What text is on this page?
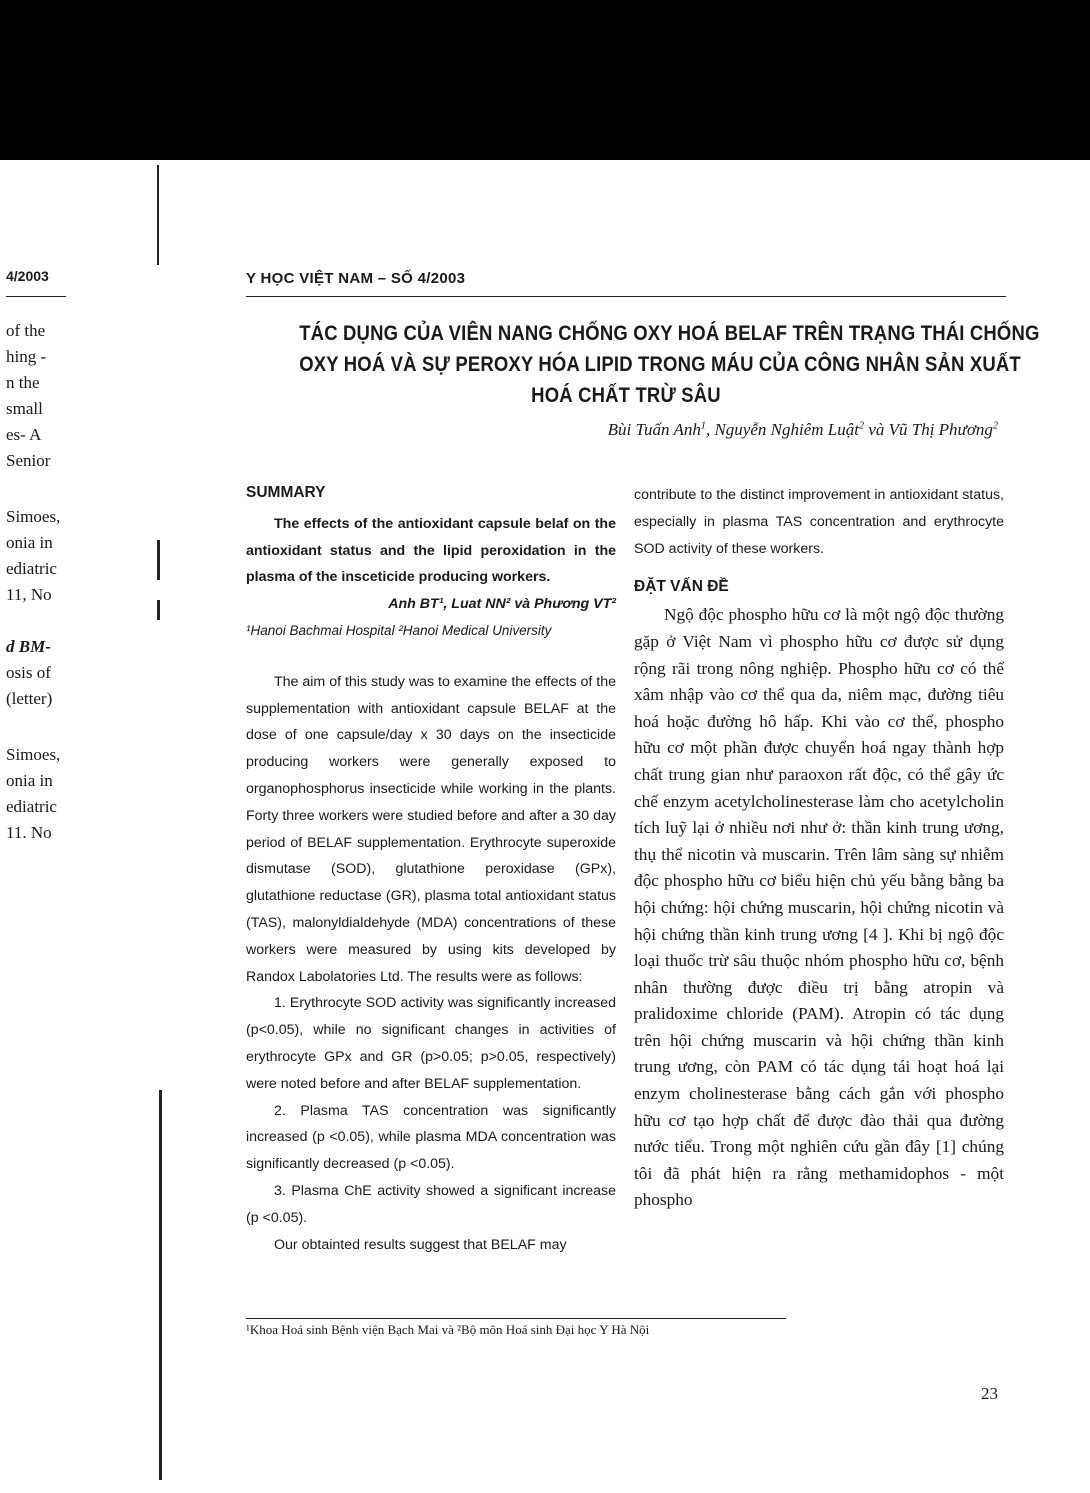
4/2003
of the
hing -
n the
small
es- A
Senior
Simoes,
onia in
ediatric
11, No
d BM-
osis of
(letter)
Simoes,
onia in
ediatric
11. No
Y HỌC VIỆT NAM – SỐ 4/2003
TÁC DỤNG CỦA VIÊN NANG CHỐNG OXY HOÁ BELAF TRÊN TRẠNG THÁI CHỐNG
OXY HOÁ VÀ SỰ PEROXY HÓA LIPID TRONG MÁU CỦA CÔNG NHÂN SẢN XUẤT
HOÁ CHẤT TRỪ SÂU
Bùi Tuấn Anh$^1$, Nguyễn Nghiêm Luật$^2$ và Vũ Thị Phương$^2$
SUMMARY
The effects of the antioxidant capsule belaf on the antioxidant status and the lipid peroxidation in the plasma of the insceticide producing workers.
Anh BT¹, Luat NN² và Phương VT²
¹Hanoi Bachmai Hospital ²Hanoi Medical University

The aim of this study was to examine the effects of the supplementation with antioxidant capsule BELAF at the dose of one capsule/day x 30 days on the insecticide producing workers were generally exposed to organophosphorus insecticide while working in the plants. Forty three workers were studied before and after a 30 day period of BELAF supplementation. Erythrocyte superoxide dismutase (SOD), glutathione peroxidase (GPx), glutathione reductase (GR), plasma total antioxidant status (TAS), malonyldialdehyde (MDA) concentrations of these workers were measured by using kits developed by Randox Labolatories Ltd. The results were as follows:

1. Erythrocyte SOD activity was significantly increased (p<0.05), while no significant changes in activities of erythrocyte GPx and GR (p>0.05; p>0.05, respectively) were noted before and after BELAF supplementation.

2. Plasma TAS concentration was significantly increased (p <0.05), while plasma MDA concentration was significantly decreased (p <0.05).

3. Plasma ChE activity showed a significant increase (p <0.05).

Our obtainted results suggest that BELAF may

contribute to the distinct improvement in antioxidant status, especially in plasma TAS concentration and erythrocyte SOD activity of these workers.

ĐẶT VẤN ĐỀ

Ngộ độc phospho hữu cơ là một ngộ độc thường gặp ở Việt Nam vì phospho hữu cơ được sử dụng rộng rãi trong nông nghiệp. Phospho hữu cơ có thể xâm nhập vào cơ thể qua da, niêm mạc, đường tiêu hoá hoặc đường hô hấp. Khi vào cơ thể, phospho hữu cơ một phần được chuyển hoá ngay thành hợp chất trung gian như paraoxon rất độc, có thể gây ức chế enzym acetylcholinesterase làm cho acetylcholin tích luỹ lại ở nhiều nơi như ở: thần kinh trung ương, thụ thể nicotin và muscarin. Trên lâm sàng sự nhiễm độc phospho hữu cơ biểu hiện chủ yếu bằng bằng ba hội chứng: hội chứng muscarin, hội chứng nicotin và hội chứng thần kinh trung ương [4 ]. Khi bị ngộ độc loại thuốc trừ sâu thuộc nhóm phospho hữu cơ, bệnh nhân thường được điều trị bằng atropin và pralidoxime chloride (PAM). Atropin có tác dụng trên hội chứng muscarin và hội chứng thần kinh trung ương, còn PAM có tác dụng tái hoạt hoá lại enzym cholinesterase bằng cách gắn với phospho hữu cơ tạo hợp chất để được đào thải qua đường nước tiểu. Trong một nghiên cứu gần đây [1] chúng tôi đã phát hiện ra rằng methamidophos - một phospho

¹Khoa Hoá sinh Bệnh viện Bạch Mai và ²Bộ môn Hoá sinh Đại học Y Hà Nội
23
